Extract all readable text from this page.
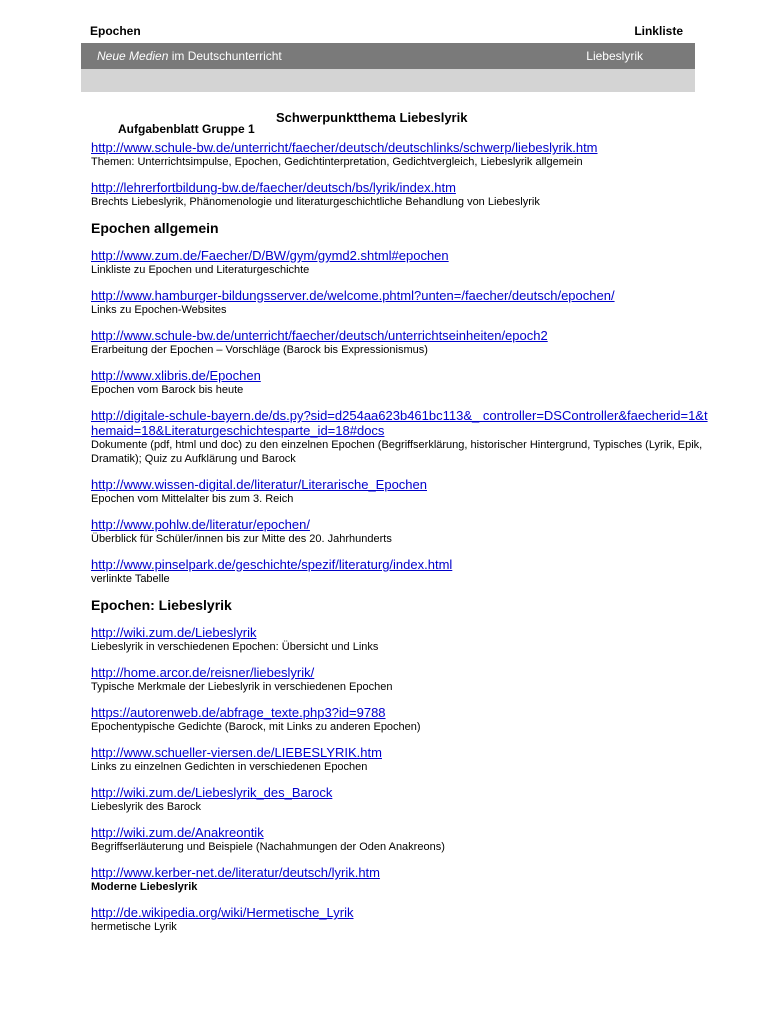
Epochen	Linkliste
Neue Medien im Deutschunterricht	Liebeslyrik
Schwerpunktthema Liebeslyrik
Aufgabenblatt Gruppe 1
http://www.schule-bw.de/unterricht/faecher/deutsch/deutschlinks/schwerp/liebeslyrik.htm
Themen: Unterrichtsimpulse, Epochen, Gedichtinterpretation, Gedichtvergleich, Liebeslyrik allgemein
http://lehrerfortbildung-bw.de/faecher/deutsch/bs/lyrik/index.htm
Brechts Liebeslyrik, Phänomenologie und literaturgeschichtliche Behandlung von Liebeslyrik
Epochen allgemein
http://www.zum.de/Faecher/D/BW/gym/gymd2.shtml#epochen
Linkliste zu Epochen und Literaturgeschichte
http://www.hamburger-bildungsserver.de/welcome.phtml?unten=/faecher/deutsch/epochen/
Links zu Epochen-Websites
http://www.schule-bw.de/unterricht/faecher/deutsch/unterrichtseinheiten/epoch2
Erarbeitung der Epochen – Vorschläge (Barock bis Expressionismus)
http://www.xlibris.de/Epochen
Epochen vom Barock bis heute
http://digitale-schule-bayern.de/ds.py?sid=d254aa623b461bc113&_ controller=DSController&faecherid=1&themaid=18&Literaturgeschichtesparte_id=18#docs
Dokumente (pdf, html und doc) zu den einzelnen Epochen (Begriffserklärung, historischer Hintergrund, Typisches (Lyrik, Epik, Dramatik); Quiz zu Aufklärung und Barock
http://www.wissen-digital.de/literatur/Literarische_Epochen
Epochen vom Mittelalter bis zum 3. Reich
http://www.pohlw.de/literatur/epochen/
Überblick für Schüler/innen bis zur Mitte des 20. Jahrhunderts
http://www.pinselpark.de/geschichte/spezif/literaturg/index.html
verlinkte Tabelle
Epochen: Liebeslyrik
http://wiki.zum.de/Liebeslyrik
Liebeslyrik in verschiedenen Epochen: Übersicht und Links
http://home.arcor.de/reisner/liebeslyrik/
Typische Merkmale der Liebeslyrik in verschiedenen Epochen
https://autorenweb.de/abfrage_texte.php3?id=9788
Epochentypische Gedichte (Barock, mit Links zu anderen Epochen)
http://www.schueller-viersen.de/LIEBESLYRIK.htm
Links zu einzelnen Gedichten in verschiedenen Epochen
http://wiki.zum.de/Liebeslyrik_des_Barock
Liebeslyrik des Barock
http://wiki.zum.de/Anakreontik
Begriffserläuterung und Beispiele (Nachahmungen der Oden Anakreons)
http://www.kerber-net.de/literatur/deutsch/lyrik.htm
Moderne Liebeslyrik
http://de.wikipedia.org/wiki/Hermetische_Lyrik
hermetische Lyrik
